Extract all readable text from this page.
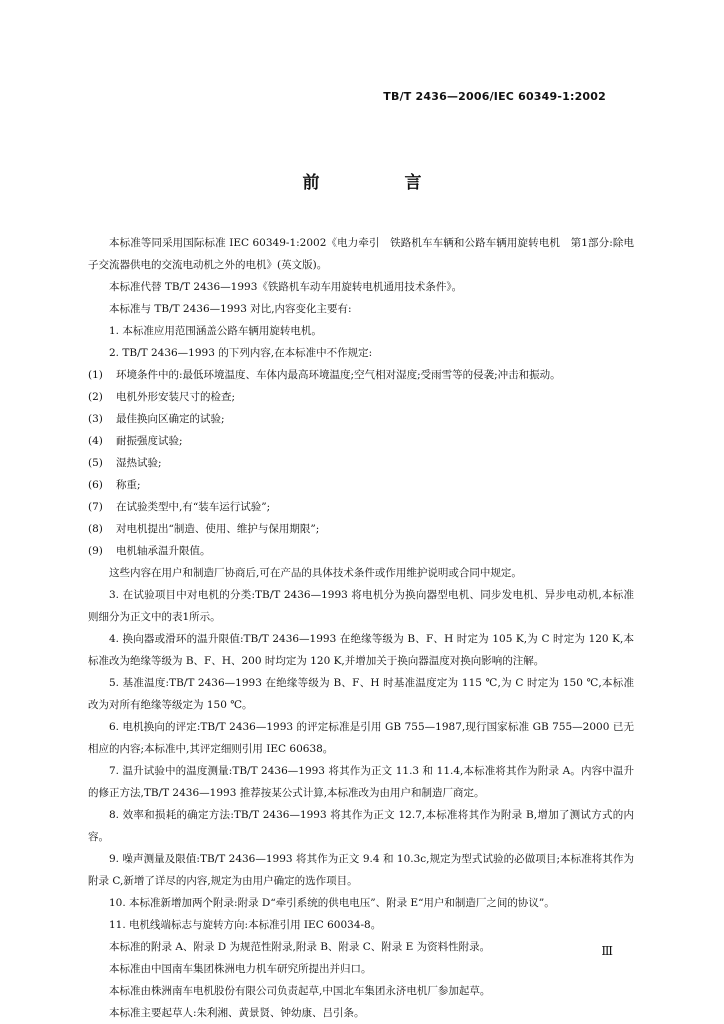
TB/T 2436—2006/IEC 60349-1:2002
前　言

本标准等同采用国际标准 IEC 60349-1:2002《电力牵引　铁路机车车辆和公路车辆用旋转电机　第1部分:除电子交流器供电的交流电动机之外的电机》(英文版)。

本标准代替 TB/T 2436—1993《铁路机车动车用旋转电机通用技术条件》。

本标准与 TB/T 2436—1993 对比,内容变化主要有:

1. 本标准应用范围涵盖公路车辆用旋转电机。

2. TB/T 2436—1993 的下列内容,在本标准中不作规定:

(1)	环境条件中的:最低环境温度、车体内最高环境温度;空气相对湿度;受雨雪等的侵袭;冲击和振动。
(2)	电机外形安装尺寸的检查;
(3)	最佳换向区确定的试验;
(4)	耐振强度试验;
(5)	湿热试验;
(6)	称重;
(7)	在试验类型中,有“装车运行试验”;
(8)	对电机提出“制造、使用、维护与保用期限”;
(9)	电机轴承温升限值。

这些内容在用户和制造厂协商后,可在产品的具体技术条件或作用维护说明或合同中规定。

3. 在试验项目中对电机的分类:TB/T 2436—1993 将电机分为换向器型电机、同步发电机、异步电动机,本标准则细分为正文中的表1所示。

4. 换向器或滑环的温升限值:TB/T 2436—1993 在绝缘等级为 B、F、H 时定为 105 K,为 C 时定为 120 K,本标准改为绝缘等级为 B、F、H、200 时均定为 120 K,并增加关于换向器温度对换向影响的注解。

5. 基准温度:TB/T 2436—1993 在绝缘等级为 B、F、H 时基准温度定为 115 ℃,为 C 时定为 150 ℃,本标准改为对所有绝缘等级定为 150 ℃。

6. 电机换向的评定:TB/T 2436—1993 的评定标准是引用 GB 755—1987,现行国家标准 GB 755—2000 已无相应的内容;本标准中,其评定细则引用 IEC 60638。

7. 温升试验中的温度测量:TB/T 2436—1993 将其作为正文 11.3 和 11.4,本标准将其作为附录 A。内容中温升的修正方法,TB/T 2436—1993 推荐按某公式计算,本标准改为由用户和制造厂商定。

8. 效率和损耗的确定方法:TB/T 2436—1993 将其作为正文 12.7,本标准将其作为附录 B,增加了测试方式的内容。

9. 噪声测量及限值:TB/T 2436—1993 将其作为正文 9.4 和 10.3c,规定为型式试验的必做项目;本标准将其作为附录 C,新增了详尽的内容,规定为由用户确定的选作项目。

10. 本标准新增加两个附录:附录 D“牵引系统的供电电压”、附录 E“用户和制造厂之间的协议”。

11. 电机线端标志与旋转方向:本标准引用 IEC 60034-8。

本标准的附录 A、附录 D 为规范性附录,附录 B、附录 C、附录 E 为资料性附录。

本标准由中国南车集团株洲电力机车研究所提出并归口。

本标准由株洲南车电机股份有限公司负责起草,中国北车集团永济电机厂参加起草。

本标准主要起草人:朱利湘、黄景贤、钟幼康、吕引条。

Ⅲ
